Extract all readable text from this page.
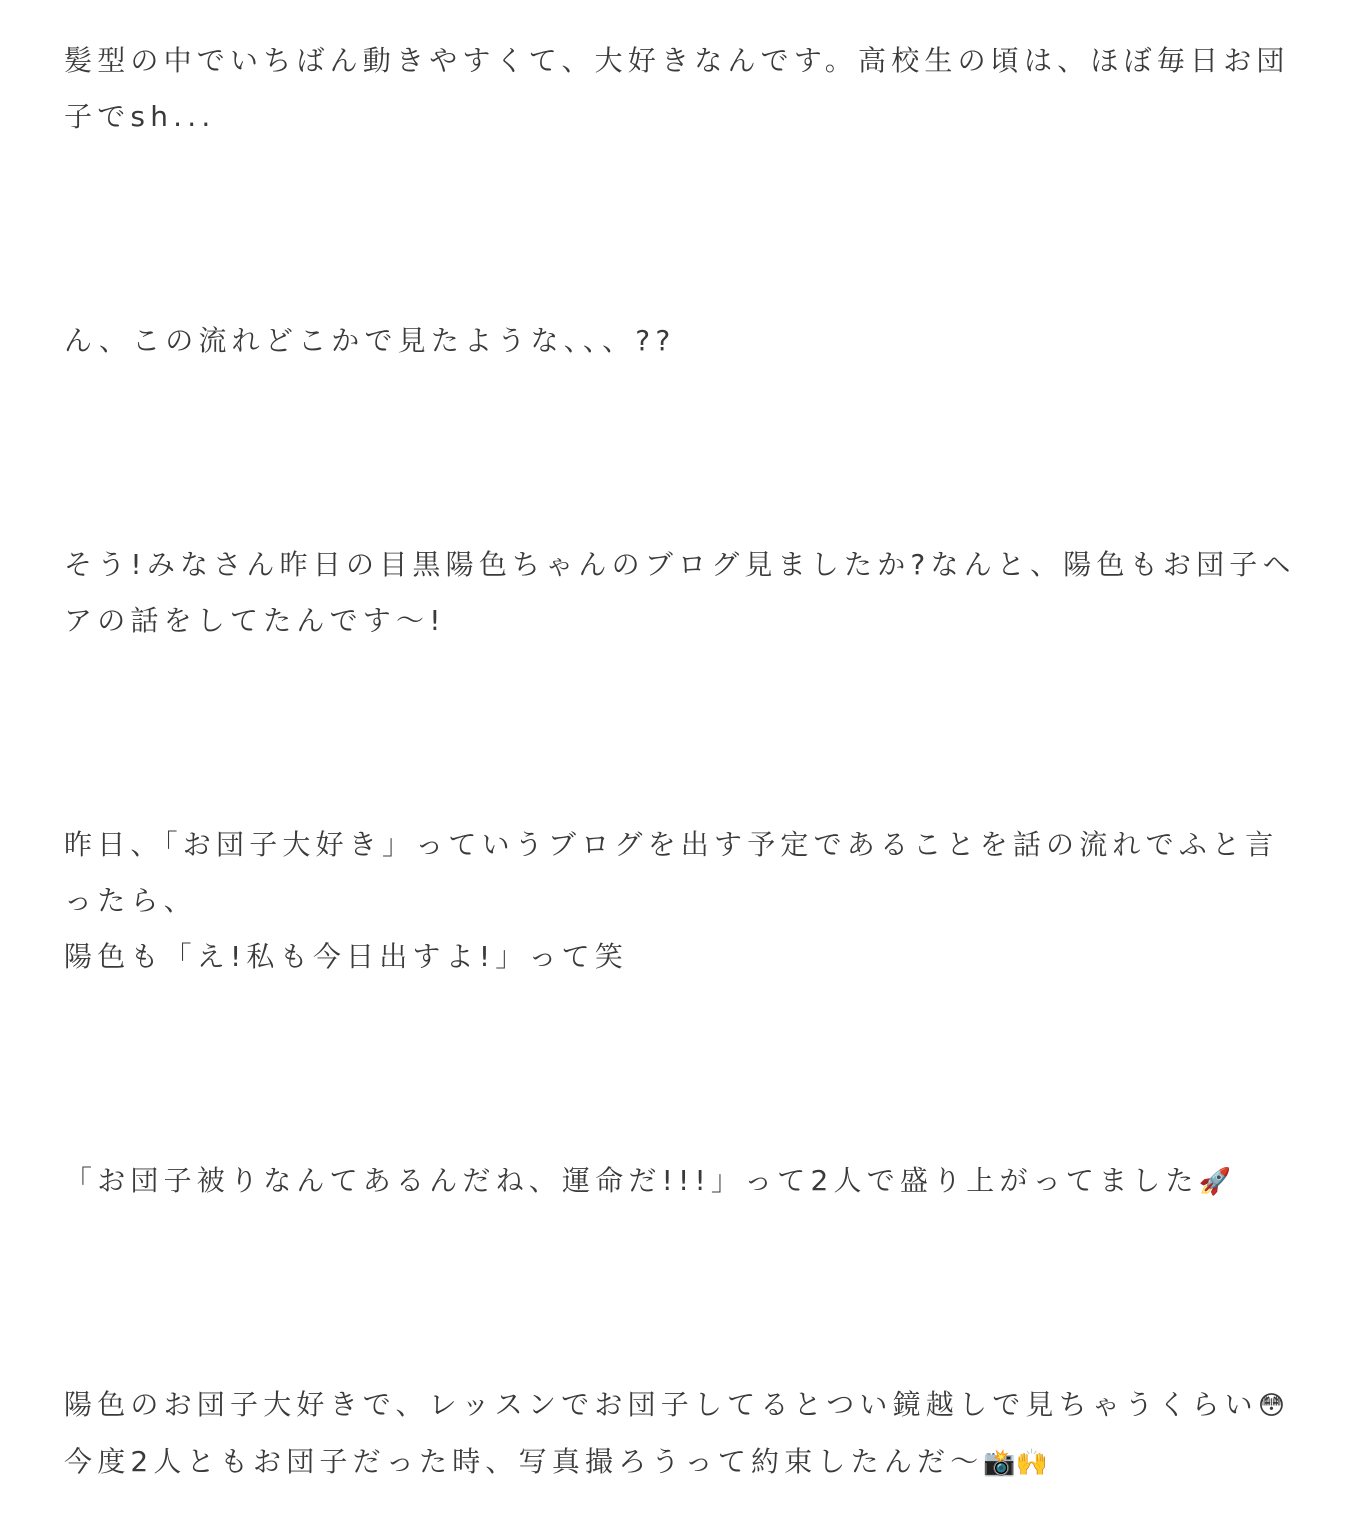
髪型の中でいちばん動きやすくて、大好きなんです。高校生の頃は、ほぼ毎日お団子でsh...

ん、この流れどこかで見たような、、、??

そう!みなさん昨日の目黒陽色ちゃんのブログ見ましたか?なんと、陽色もお団子ヘアの話をしてたんです〜!

昨日、「お団子大好き」っていうブログを出す予定であることを話の流れでふと言ったら、
陽色も「え!私も今日出すよ!」って笑

「お団子被りなんてあるんだね、運命だ!!!」って2人で盛り上がってました🚀

陽色のお団子大好きで、レッスンでお団子してるとつい鏡越しで見ちゃうくらい😳
今度2人ともお団子だった時、写真撮ろうって約束したんだ〜📸🙌
